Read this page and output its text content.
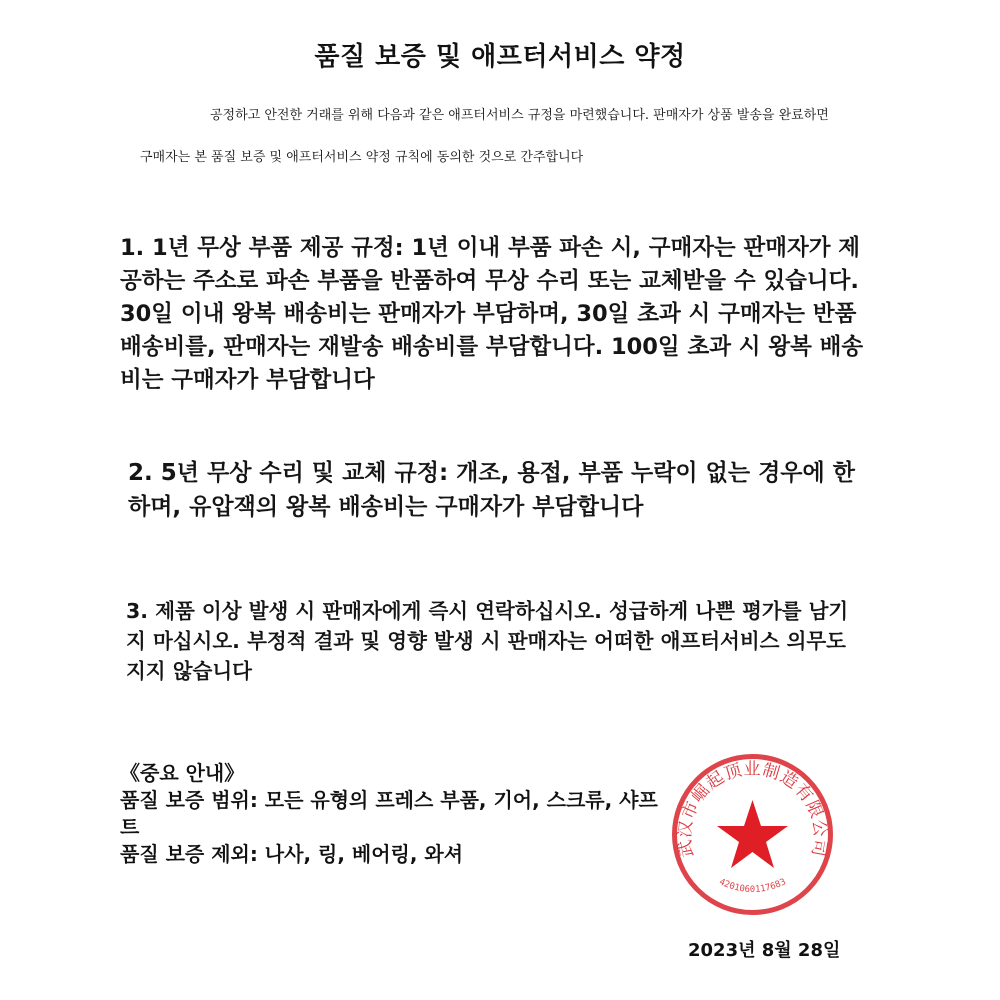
품질 보증 및 애프터서비스 약정
공정하고 안전한 거래를 위해 다음과 같은 애프터서비스 규정을 마련했습니다. 판매자가 상품 발송을 완료하면
구매자는 본 품질 보증 및 애프터서비스 약정 규칙에 동의한 것으로 간주합니다
1. 1년 무상 부품 제공 규정: 1년 이내 부품 파손 시, 구매자는 판매자가 제공하는 주소로 파손 부품을 반품하여 무상 수리 또는 교체받을 수 있습니다. 30일 이내 왕복 배송비는 판매자가 부담하며, 30일 초과 시 구매자는 반품 배송비를, 판매자는 재발송 배송비를 부담합니다. 100일 초과 시 왕복 배송비는 구매자가 부담합니다
2. 5년 무상 수리 및 교체 규정: 개조, 용접, 부품 누락이 없는 경우에 한하며, 유압잭의 왕복 배송비는 구매자가 부담합니다
3. 제품 이상 발생 시 판매자에게 즉시 연락하십시오. 성급하게 나쁜 평가를 남기지 마십시오. 부정적 결과 및 영향 발생 시 판매자는 어떠한 애프터서비스 의무도 지지 않습니다
《중요 안내》
품질 보증 범위: 모든 유형의 프레스 부품, 기어, 스크류, 샤프트
품질 보증 제외: 나사, 링, 베어링, 와셔	武汉市崛起顶业制造有限公司
4201060117683
2023년 8월 28일
